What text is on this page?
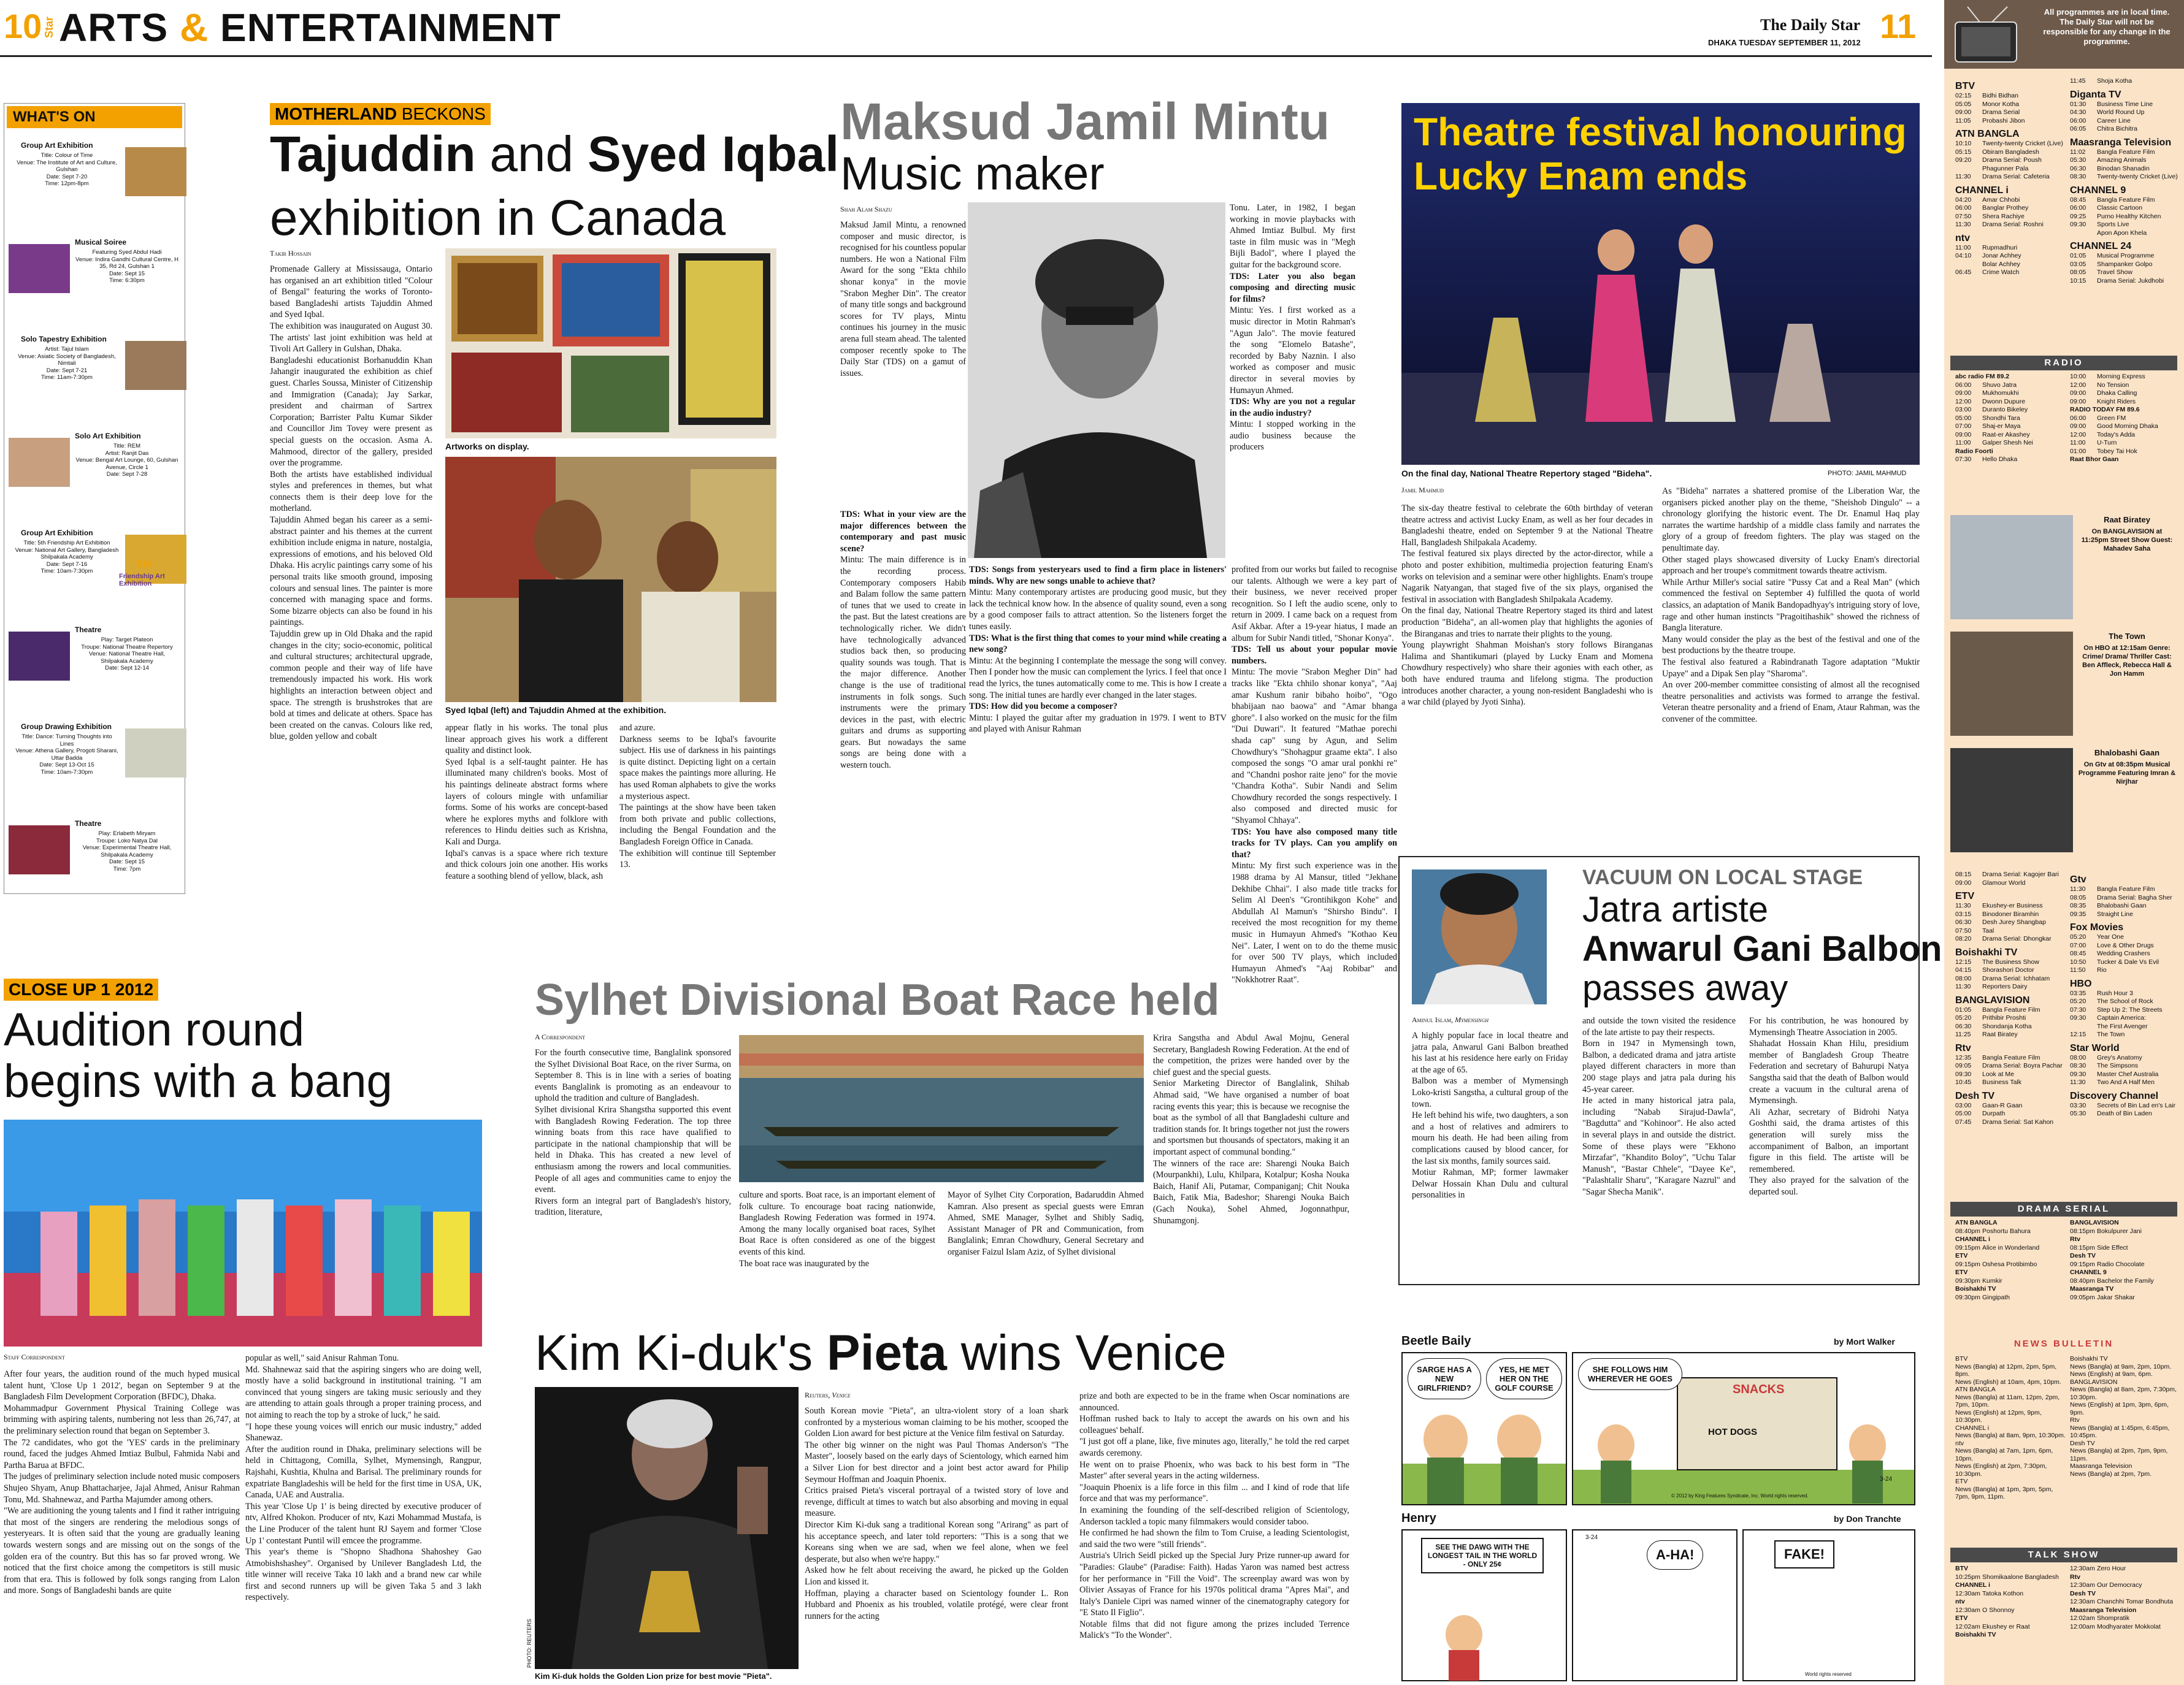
10 Star ARTS & ENTERTAINMENT	The Daily Star
DHAKA TUESDAY SEPTEMBER 11, 2012 11
WHAT'S ON
Group Art Exhibition
Title: Colour of Time
Venue: The Institute of Art and Culture, Gulshan
Date: Sept 7-20
Time: 12pm-8pm
Musical Soiree
Featuring Syed Abdul Hadi
Venue: Indira Gandhi Cultural Centre, H 35, Rd 24, Gulshan 1
Date: Sept 15
Time: 6:30pm
Solo Tapestry Exhibition
Artist: Tajul Islam
Venue: Asiatic Society of Bangladesh, Nimtali
Date: Sept 7-21
Time: 11am-7:30pm
Solo Art Exhibition
Title: REM
Artist: Ranjit Das
Venue: Bengal Art Lounge, 60, Gulshan Avenue, Circle 1
Date: Sept 7-28
Group Art Exhibition
Title: 5th Friendship Art Exhibition
Venue: National Art Gallery, Bangladesh Shilpakala Academy
Date: Sept 7-16
Time: 10am-7:30pm
5th
Friendship Art Exhibition
Theatre
Play: Target Plateon
Troupe: National Theatre Repertory
Venue: National Theatre Hall, Shilpakala Academy
Date: Sept 12-14
Group Drawing Exhibition
Title: Dance: Turning Thoughts into Lines
Venue: Athena Gallery, Progoti Sharani, Uttar Badda
Date: Sept 13-Oct 15
Time: 10am-7:30pm
Theatre
Play: Erlabeth Miryam
Troupe: Loko Natya Dal
Venue: Experimental Theatre Hall, Shilpakala Academy
Date: Sept 15
Time: 7pm
MOTHERLAND BECKONS
Tajuddin and Syed Iqbal
exhibition in Canada
Takir Hossain
Promenade Gallery at Mississauga, Ontario has organised an art exhibition titled "Colour of Bengal" featuring the works of Toronto-based Bangladeshi artists Tajuddin Ahmed and Syed Iqbal.
The exhibition was inaugurated on August 30. The artists' last joint exhibition was held at Tivoli Art Gallery in Gulshan, Dhaka.
Bangladeshi educationist Borhanuddin Khan Jahangir inaugurated the exhibition as chief guest. Charles Soussa, Minister of Citizenship and Immigration (Canada); Jay Sarkar, president and chairman of Sartrex Corporation; Barrister Paltu Kumar Sikder and Councillor Jim Tovey were present as special guests on the occasion. Asma A. Mahmood, director of the gallery, presided over the programme.
Both the artists have established individual styles and preferences in themes, but what connects them is their deep love for the motherland.
Tajuddin Ahmed began his career as a semi-abstract painter and his themes at the current exhibition include enigma in nature, nostalgia, expressions of emotions, and his beloved Old Dhaka. His acrylic paintings carry some of his personal traits like smooth ground, imposing colours and sensual lines. The painter is more concerned with managing space and forms. Some bizarre objects can also be found in his paintings.
Tajuddin grew up in Old Dhaka and the rapid changes in the city; socio-economic, political and cultural structures; architectural upgrade, common people and their way of life have tremendously impacted his work. His work highlights an interaction between object and space. The strength is brushstrokes that are bold at times and delicate at others. Space has been created on the canvas. Colours like red, blue, golden yellow and cobalt
Artworks on display.
Syed Iqbal (left) and Tajuddin Ahmed at the exhibition.
appear flatly in his works. The tonal plus linear approach gives his work a different quality and distinct look.
Syed Iqbal is a self-taught painter. He has illuminated many children's books. Most of his paintings delineate abstract forms where layers of colours mingle with unfamiliar forms. Some of his works are concept-based where he explores myths and folklore with references to Hindu deities such as Krishna, Kali and Durga.
Iqbal's canvas is a space where rich texture and thick colours join one another. His works feature a soothing blend of yellow, black, ash
and azure.
Darkness seems to be Iqbal's favourite subject. His use of darkness in his paintings is quite distinct. Depicting light on a certain space makes the paintings more alluring. He has used Roman alphabets to give the works a mysterious aspect.
The paintings at the show have been taken from both private and public collections, including the Bengal Foundation and the Bangladesh Foreign Office in Canada.
The exhibition will continue till September 13.
Maksud Jamil Mintu
Music maker
Shah Alam Shazu
Maksud Jamil Mintu, a renowned composer and music director, is recognised for his countless popular numbers. He won a National Film Award for the song "Ekta chhilo shonar konya" in the movie "Srabon Megher Din". The creator of many title songs and background scores for TV plays, Mintu continues his journey in the music arena full steam ahead. The talented composer recently spoke to The Daily Star (TDS) on a gamut of issues.
TDS: What in your view are the major differences between the contemporary and past music scene?
Mintu: The main difference is in the recording process. Contemporary composers Habib and Balam follow the same pattern of tunes that we used to create in the past. But the latest creations are technologically richer. We didn't have technologically advanced studios back then, so producing quality sounds was tough. That is the major difference. Another change is the use of traditional instruments in folk songs. Such instruments were the primary devices in the past, with electric guitars and drums as supporting gears. But nowadays the same songs are being done with a western touch.
Tonu. Later, in 1982, I began working in movie playbacks with Ahmed Imtiaz Bulbul. My first taste in film music was in "Megh Bijli Badol", where I played the guitar for the background score.
TDS: Later you also began composing and directing music for films?
Mintu: Yes. I first worked as a music director in Motin Rahman's "Agun Jalo". The movie featured the song "Elomelo Batashe", recorded by Baby Naznin. I also worked as composer and music director in several movies by Humayun Ahmed.
TDS: Why are you not a regular in the audio industry?
Mintu: I stopped working in the audio business because the producers
TDS: Songs from yesteryears used to find a firm place in listeners' minds. Why are new songs unable to achieve that?
Mintu: Many contemporary artistes are producing good music, but they lack the technical know how. In the absence of quality sound, even a song by a good composer fails to attract attention. So the listeners forget the tunes easily.
TDS: What is the first thing that comes to your mind while creating a new song?
Mintu: At the beginning I contemplate the message the song will convey. Then I ponder how the music can complement the lyrics. I feel that once I read the lyrics, the tunes automatically come to me. This is how I create a song. The initial tunes are hardly ever changed in the later stages.
TDS: How did you become a composer?
Mintu: I played the guitar after my graduation in 1979. I went to BTV and played with Anisur Rahman
profited from our works but failed to recognise our talents. Although we were a key part of their business, we never received proper recognition. So I left the audio scene, only to return in 2009. I came back on a request from Asif Akbar. After a 19-year hiatus, I made an album for Subir Nandi titled, "Shonar Konya".
TDS: Tell us about your popular movie numbers.
Mintu: The movie "Srabon Megher Din" had tracks like "Ekta chhilo shonar konya", "Aaj amar Kushum ranir bibaho hoibo", "Ogo bhabijaan nao baowa" and "Amar bhanga ghore". I also worked on the music for the film "Dui Duwari". It featured "Mathae porechi shada cap" sung by Agun, and Selim Chowdhury's "Shohagpur graame ekta". I also composed the songs "O amar ural ponkhi re" and "Chandni poshor raite jeno" for the movie "Chandra Kotha". Subir Nandi and Selim Chowdhury recorded the songs respectively. I also composed and directed music for "Shyamol Chhaya".
TDS: You have also composed many title tracks for TV plays. Can you amplify on that?
Mintu: My first such experience was in the 1988 drama by Al Mansur, titled "Jekhane Dekhibe Chhai". I also made title tracks for Selim Al Deen's "Grontihikgon Kohe" and Abdullah Al Mamun's "Shirsho Bindu". I received the most recognition for my theme music in Humayun Ahmed's "Kothao Keu Nei". Later, I went on to do the theme music for over 500 TV plays, which included Humayun Ahmed's "Aaj Robibar" and "Nokkhotrer Raat".
Theatre festival honouring
Lucky Enam ends
On the final day, National Theatre Repertory staged "Bideha".	PHOTO: JAMIL MAHMUD
Jamil Mahmud
The six-day theatre festival to celebrate the 60th birthday of veteran theatre actress and activist Lucky Enam, as well as her four decades in Bangladeshi theatre, ended on September 9 at the National Theatre Hall, Bangladesh Shilpakala Academy.
The festival featured six plays directed by the actor-director, while a photo and poster exhibition, multimedia projection featuring Enam's works on television and a seminar were other highlights. Enam's troupe Nagarik Natyangan, that staged five of the six plays, organised the festival in association with Bangladesh Shilpakala Academy.
On the final day, National Theatre Repertory staged its third and latest production "Bideha", an all-women play that highlights the agonies of the Biranganas and tries to narrate their plights to the young.
Young playwright Shahman Moishan's story follows Biranganas Halima and Shantikumari (played by Lucky Enam and Momena Chowdhury respectively) who share their agonies with each other, as both have endured trauma and lifelong stigma. The production introduces another character, a young non-resident Bangladeshi who is a war child (played by Jyoti Sinha).
As "Bideha" narrates a shattered promise of the Liberation War, the organisers picked another play on the theme, "Sheishob Dingulo" -- a chronology glorifying the historic event. The Dr. Enamul Haq play narrates the wartime hardship of a middle class family and narrates the glory of a group of freedom fighters. The play was staged on the penultimate day.
Other staged plays showcased diversity of Lucky Enam's directorial approach and her troupe's commitment towards theatre activism.
While Arthur Miller's social satire "Pussy Cat and a Real Man" (which commenced the festival on September 4) fulfilled the quota of world classics, an adaptation of Manik Bandopadhyay's intriguing story of love, rage and other human instincts "Pragoitihashik" showed the richness of Bangla literature.
Many would consider the play as the best of the festival and one of the best productions by the theatre troupe.
The festival also featured a Rabindranath Tagore adaptation "Muktir Upaye" and a Dipak Sen play "Sharoma".
An over 200-member committee consisting of almost all the recognised theatre personalities and activists was formed to arrange the festival. Veteran theatre personality and a friend of Enam, Ataur Rahman, was the convener of the committee.
VACUUM ON LOCAL STAGE
Jatra artiste
Anwarul Gani Balbon
passes away
Aminul Islam, Mymensingh
A highly popular face in local theatre and jatra pala, Anwarul Gani Balbon breathed his last at his residence here early on Friday at the age of 65.
Balbon was a member of Mymensingh Loko-kristi Sangstha, a cultural group of the town.
He left behind his wife, two daughters, a son and a host of relatives and admirers to mourn his death. He had been ailing from complications caused by blood cancer, for the last six months, family sources said.
Motiur Rahman, MP; former lawmaker Delwar Hossain Khan Dulu and cultural personalities in
and outside the town visited the residence of the late artiste to pay their respects.
Born in 1947 in Mymensingh town, Balbon, a dedicated drama and jatra artiste played different characters in more than 200 stage plays and jatra pala during his 45-year career.
He acted in many historical jatra pala, including "Nabab Sirajud-Dawla", "Bagdutta" and "Kohinoor". He also acted in several plays in and outside the district. Some of these plays were "Ekhono Mirzafar", "Khandito Boloy", "Uchu Talar Manush", "Bastar Chhele", "Dayee Ke", "Palashtalir Sharu", "Karagare Nazrul" and "Sagar Shecha Manik".
For his contribution, he was honoured by Mymensingh Theatre Association in 2005.
Shahadat Hossain Khan Hilu, presidium member of Bangladesh Group Theatre Federation and secretary of Bahurupi Natya Sangstha said that the death of Balbon would create a vacuum in the cultural arena of Mymensingh.
Ali Azhar, secretary of Bidrohi Natya Goshthi said, the drama artistes of this generation will surely miss the accompaniment of Balbon, an important figure in this field. The artiste will be remembered.
They also prayed for the salvation of the departed soul.
CLOSE UP 1 2012
Audition round
begins with a bang
Staff Correspondent
After four years, the audition round of the much hyped musical talent hunt, 'Close Up 1 2012', began on September 9 at the Bangladesh Film Development Corporation (BFDC), Dhaka.
Mohammadpur Government Physical Training College was brimming with aspiring talents, numbering not less than 26,747, at the preliminary selection round that began on September 3.
The 72 candidates, who got the 'YES' cards in the preliminary round, faced the judges Ahmed Imtiaz Bulbul, Fahmida Nabi and Partha Barua at BFDC.
The judges of preliminary selection include noted music composers Shujeo Shyam, Anup Bhattacharjee, Jajal Ahmed, Anisur Rahman Tonu, Md. Shahnewaz, and Partha Majumder among others.
"We are auditioning the young talents and I find it rather intriguing that most of the singers are rendering the melodious songs of yesteryears. It is often said that the young are gradually leaning towards western songs and are missing out on the songs of the golden era of the country. But this has so far proved wrong. We noticed that the first choice among the competitors is still music from that era. This is followed by folk songs ranging from Lalon and more. Songs of Bangladeshi bands are quite
popular as well," said Anisur Rahman Tonu.
Md. Shahnewaz said that the aspiring singers who are doing well, mostly have a solid background in institutional training. "I am convinced that young singers are taking music seriously and they are attending to attain goals through a proper training process, and not aiming to reach the top by a stroke of luck," he said.
"I hope these young voices will enrich our music industry," added Shanewaz.
After the audition round in Dhaka, preliminary selections will be held in Chittagong, Comilla, Sylhet, Mymensingh, Rangpur, Rajshahi, Kushtia, Khulna and Barisal. The preliminary rounds for expatriate Bangladeshis will be held for the first time in USA, UK, Canada, UAE and Australia.
This year 'Close Up 1' is being directed by executive producer of ntv, Alfred Khokon. Producer of ntv, Kazi Mohammad Mustafa, is the Line Producer of the talent hunt RJ Sayem and former 'Close Up 1' contestant Puntil will emcee the programme.
This year's theme is "Shopno Shadhona Shahoshey Gao Atmobishshashey". Organised by Unilever Bangladesh Ltd, the title winner will receive Taka 10 lakh and a brand new car while first and second runners up will be given Taka 5 and 3 lakh respectively.
Sylhet Divisional Boat Race held
A Correspondent
For the fourth consecutive time, Banglalink sponsored the Sylhet Divisional Boat Race, on the river Surma, on September 8. This is in line with a series of boating events Banglalink is promoting as an endeavour to uphold the tradition and culture of Bangladesh.
Sylhet divisional Krira Shangstha supported this event with Bangladesh Rowing Federation. The top three winning boats from this race have qualified to participate in the national championship that will be held in Dhaka. This has created a new level of enthusiasm among the rowers and local communities. People of all ages and communities came to enjoy the event.
Rivers form an integral part of Bangladesh's history, tradition, literature,
culture and sports. Boat race, is an important element of folk culture. To encourage boat racing nationwide, Bangladesh Rowing Federation was formed in 1974. Among the many locally organised boat races, Sylhet Boat Race is often considered as one of the biggest events of this kind.
The boat race was inaugurated by the
Mayor of Sylhet City Corporation, Badaruddin Ahmed Kamran. Also present as special guests were Emran Ahmed, SME Manager, Sylhet and Shibly Sadiq, Assistant Manager of PR and Communication, from Banglalink; Emran Chowdhury, General Secretary and organiser Faizul Islam Aziz, of Sylhet divisional
Krira Sangstha and Abdul Awal Mojnu, General Secretary, Bangladesh Rowing Federation. At the end of the competition, the prizes were handed over by the chief guest and the special guests.
Senior Marketing Director of Banglalink, Shihab Ahmad said, "We have organised a number of boat racing events this year; this is because we recognise the boat as the symbol of all that Bangladeshi culture and tradition stands for. It brings together not just the rowers and sportsmen but thousands of spectators, making it an important aspect of communal bonding."
The winners of the race are: Sharengi Nouka Baich (Mourpankhi), Lulu, Khilpara, Kotalpur; Kosha Nouka Baich, Hanif Ali, Putamar, Companiganj; Chit Nouka Baich, Fatik Mia, Badeshor; Sharengi Nouka Baich (Gach Nouka), Sohel Ahmed, Jogonnathpur, Shunamgonj.
Kim Ki-duk's Pieta wins Venice
PHOTO: REUTERS
Kim Ki-duk holds the Golden Lion prize for best movie "Pieta".
Reuters, Venice
South Korean movie "Pieta", an ultra-violent story of a loan shark confronted by a mysterious woman claiming to be his mother, scooped the Golden Lion award for best picture at the Venice film festival on Saturday.
The other big winner on the night was Paul Thomas Anderson's "The Master", loosely based on the early days of Scientology, which earned him a Silver Lion for best director and a joint best actor award for Philip Seymour Hoffman and Joaquin Phoenix.
Critics praised Pieta's visceral portrayal of a twisted story of love and revenge, difficult at times to watch but also absorbing and moving in equal measure.
Director Kim Ki-duk sang a traditional Korean song "Arirang" as part of his acceptance speech, and later told reporters: "This is a song that we Koreans sing when we are sad, when we feel alone, when we feel desperate, but also when we're happy."
Asked how he felt about receiving the award, he picked up the Golden Lion and kissed it.
Hoffman, playing a character based on Scientology founder L. Ron Hubbard and Phoenix as his troubled, volatile protégé, were clear front runners for the acting
prize and both are expected to be in the frame when Oscar nominations are announced.
Hoffman rushed back to Italy to accept the awards on his own and his colleagues' behalf.
"I just got off a plane, like, five minutes ago, literally," he told the red carpet awards ceremony.
He went on to praise Phoenix, who was back to his best form in "The Master" after several years in the acting wilderness.
"Joaquin Phoenix is a life force in this film ... and I kind of rode that life force and that was my performance".
In examining the founding of the self-described religion of Scientology, Anderson tackled a topic many filmmakers would consider taboo.
He confirmed he had shown the film to Tom Cruise, a leading Scientologist, and said the two were "still friends".
Austria's Ulrich Seidl picked up the Special Jury Prize runner-up award for "Paradies: Glaube" (Paradise: Faith). Hadas Yaron was named best actress for her performance in "Fill the Void". The screenplay award was won by Olivier Assayas of France for his 1970s political drama "Apres Mai", and Italy's Daniele Cipri was named winner of the cinematography category for "E Stato Il Figlio".
Notable films that did not figure among the prizes included Terrence Malick's "To the Wonder".
Beetle Baily	by Mort Walker
SARGE HAS A NEW GIRLFRIEND?
YES, HE MET HER ON THE GOLF COURSE
SHE FOLLOWS HIM WHEREVER HE GOES
SNACKS
HOT DOGS
3-24
© 2012 by King Features Syndicate, Inc. World rights reserved.
Henry	by Don Tranchte
SEE THE DAWG WITH THE LONGEST TAIL IN THE WORLD - ONLY 25¢
A-HA!
3-24
FAKE!
World rights reserved
All programmes are in local time. The Daily Star will not be responsible for any change in the programme.
BTV
02:15	Bidhi Bidhan
05:05	Monor Kotha
09:00	Drama Serial
11:05	Probashi Jibon
ATN BANGLA
10:10	Twenty-twenty Cricket (Live)
05:15	Obiram Bangladesh
09:20	Drama Serial: Poush
Phagunner Pala
11:30	Drama Serial: Cafeteria
CHANNEL i
04:20	Amar Chhobi
06:00	Banglar Prothey
07:50	Shera Rachiye
11:30	Drama Serial: Roshni
ntv
11:00	Rupmadhuri
04:10	Jonar Achhey
Bolar Achhey
06:45	Crime Watch
11:45	Shoja Kotha
Diganta TV
01:30	Business Time Line
04:30	World Round Up
06:00	Career Line
06:05	Chitra Bichitra
Maasranga Television
11:02	Bangla Feature Film
05:30	Amazing Animals
06:30	Binodan Shanadin
08:30	Twenty-twenty Cricket (Live)
CHANNEL 9
08:45	Bangla Feature Film
06:00	Classic Cartoon
09:25	Purno Healthy Kitchen
09:30	Sports Live
Apon Apon Khela
CHANNEL 24
01:05	Musical Programme
03:05	Shampanker Golpo
08:05	Travel Show
10:15	Drama Serial: Jukdhobi
RADIO
abc radio FM 89.2
06:00	Shuvo Jatra
09:00	Mukhomukhi
12:00	Dwonn Dupure
03:00	Duranto Bikeley
05:00	Shondhi Tara
07:00	Shaj-er Maya
09:00	Raat-er Akashey
11:00	Galper Shesh Nei
Radio Foorti
07:30	Hello Dhaka
10:00	Morning Express
12:00	No Tension
09:00	Dhaka Calling
09:00	Knight Riders
RADIO TODAY FM 89.6
06:00	Green FM
09:00	Good Morning Dhaka
12:00	Today's Adda
11:00	U-Turn
01:00	Tobey Tai Hok
Raat Bhor Gaan
Raat Biratey
On BANGLAVISION at 11:25pm Street Show Guest: Mahadev Saha
The Town
On HBO at 12:15am Genre: Crime/ Drama/ Thriller Cast: Ben Affleck, Rebecca Hall & Jon Hamm
Bhalobashi Gaan
On Gtv at 08:35pm Musical Programme Featuring Imran & Nirjhar
08:15	Drama Serial: Kagojer Bari
09:00	Glamour World
ETV
11:30	Ekushey-er Business
03:15	Binodoner Biramhin
06:30	Desh Jurey Shangbap
07:50	Taal
08:20	Drama Serial: Dhongkar
Boishakhi TV
12:15	The Business Show
04:15	Shorashori Doctor
08:00	Drama Serial: Ichhatam
11:30	Reporters Dairy
BANGLAVISION
01:05	Bangla Feature Film
05:20	Prithibir Proshti
06:30	Shondanja Kotha
11:25	Raat Biratey
Rtv
12:35	Bangla Feature Film
09:05	Drama Serial: Boyra Pachar
09:30	Look at Me
10:45	Business Talk
Desh TV
03:00	Gaan-R Gaan
05:00	Durpath
07:45	Drama Serial: Sat Kahon
Gtv
11:30	Bangla Feature Film
08:05	Drama Serial: Bagha Sher
08:35	Bhalobashi Gaan
09:35	Straight Line
Fox Movies
05:20	Year One
07:00	Love & Other Drugs
08:45	Wedding Crashers
10:50	Tucker & Dale Vs Evil
11:50	Rio
HBO
03:35	Rush Hour 3
05:20	The School of Rock
07:30	Step Up 2: The Streets
09:30	Captain America:
The First Avenger
12:15	The Town
Star World
08:00	Grey's Anatomy
08:30	The Simpsons
09:30	Master Chef Australia
11:30	Two And A Half Men
Discovery Channel
03:30	Secrets of Bin Lad en's Lair
05:30	Death of Bin Laden
DRAMA SERIAL
ATN BANGLA
08:40pm Poshortu Bahura
CHANNEL i
09:15pm Alice in Wonderland
ETV
09:15pm Oshesa Protibimbo
ETV
09:30pm Kumkir
Boishakhi TV
09:30pm Gingipath
BANGLAVISION
08:15pm Bokulpurer Jani
Rtv
08:15pm Side Effect
Desh TV
09:15pm Radio Chocolate
CHANNEL 9
08:40pm Bachelor the Family
Maasranga TV
09:05pm Jakar Shakar
NEWS BULLETIN
BTV
News (Bangla) at 12pm, 2pm, 5pm, 8pm.
News (English) at 10am, 4pm, 10pm.
ATN BANGLA
News (Bangla) at 11am, 12pm, 2pm, 7pm, 10pm.
News (English) at 12pm, 9pm, 10:30pm.
CHANNEL i
News (Bangla) at 8am, 9pm, 10:30pm.
ntv
News (Bangla) at 7am, 1pm, 6pm, 10pm.
News (English) at 2pm, 7:30pm, 10:30pm.
ETV
News (Bangla) at 1pm, 3pm, 5pm, 7pm, 9pm, 11pm.
Boishakhi TV
News (Bangla) at 9am, 2pm, 10pm.
News (English) at 9am, 6pm.
BANGLAVISION
News (Bangla) at 8am, 2pm, 7:30pm, 10:30pm.
News (English) at 1pm, 3pm, 6pm, 9pm.
Rtv
News (Bangla) at 1:45pm, 6:45pm, 10:45pm.
Desh TV
News (Bangla) at 2pm, 7pm, 9pm, 11pm.
Maasranga Television
News (Bangla) at 2pm, 7pm.
TALK SHOW
BTV
10:25pm Shomikaalone Bangladesh
CHANNEL i
12:30am Tatoka Kothon
ntv
12:30am O Shonnoy
ETV
12:02am Ekushey er Raat
Boishakhi TV
12:30am Zero Hour
Rtv
12:30am Our Democracy
Desh TV
12:30am Chanchhi Tomar Bondhuta
Maasranga Television
12:02am Shompratik
12:00am Modhyarater Mokkolat
